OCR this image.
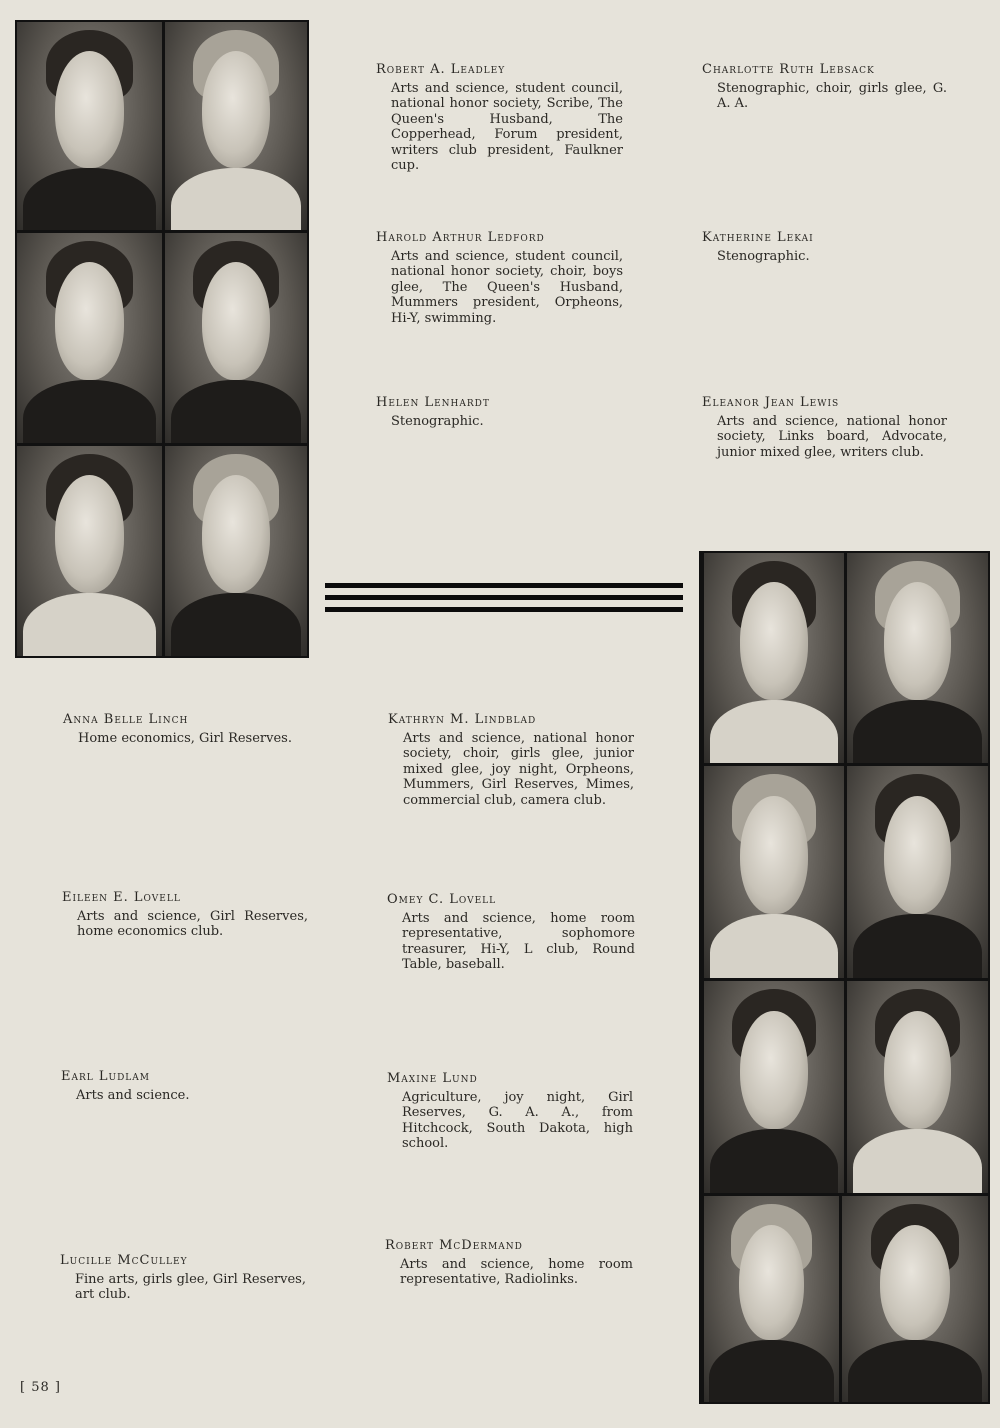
Robert A. Leadley
Arts and science, student council, national honor society, Scribe, The Queen's Husband, The Copperhead, Forum president, writers club president, Faulkner cup.
Charlotte Ruth Lebsack
Stenographic, choir, girls glee, G. A. A.
Harold Arthur Ledford
Arts and science, student council, national honor society, choir, boys glee, The Queen's Husband, Mummers president, Orpheons, Hi-Y, swimming.
Katherine Lekai
Stenographic.
Helen Lenhardt
Stenographic.
Eleanor Jean Lewis
Arts and science, national honor society, Links board, Advocate, junior mixed glee, writers club.
Anna Belle Linch
Home economics, Girl Reserves.
Kathryn M. Lindblad
Arts and science, national honor society, choir, girls glee, junior mixed glee, joy night, Orpheons, Mummers, Girl Reserves, Mimes, commercial club, camera club.
Eileen E. Lovell
Arts and science, Girl Reserves, home economics club.
Omey C. Lovell
Arts and science, home room representative, sophomore treasurer, Hi-Y, L club, Round Table, baseball.
Earl Ludlam
Arts and science.
Maxine Lund
Agriculture, joy night, Girl Reserves, G. A. A., from Hitchcock, South Dakota, high school.
Lucille McCulley
Fine arts, girls glee, Girl Reserves, art club.
Robert McDermand
Arts and science, home room representative, Radiolinks.
[ 58 ]
